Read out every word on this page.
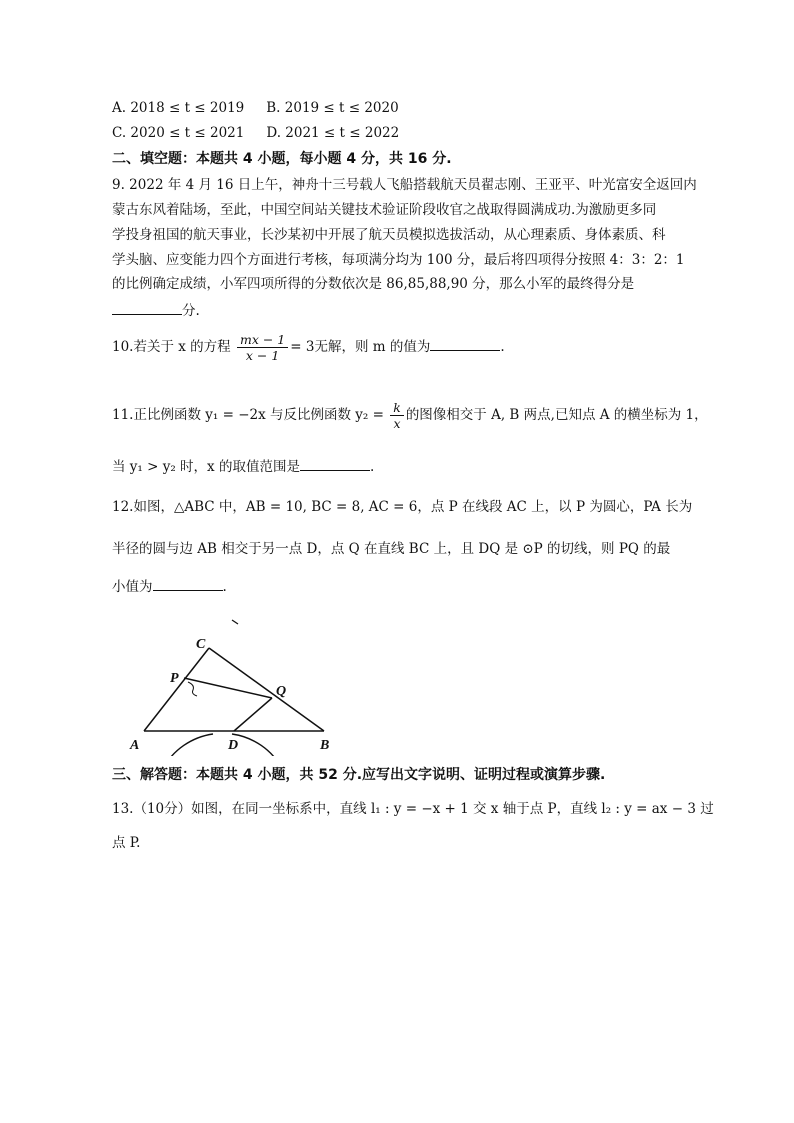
A. 2018 ≤ t ≤ 2019 B. 2019 ≤ t ≤ 2020
C. 2020 ≤ t ≤ 2021 D. 2021 ≤ t ≤ 2022
二、填空题：本题共 4 小题，每小题 4 分，共 16 分.
9. 2022 年 4 月 16 日上午，神舟十三号载人飞船搭载航天员翟志刚、王亚平、叶光富安全返回内
蒙古东风着陆场，至此，中国空间站关键技术验证阶段收官之战取得圆满成功.为激励更多同
学投身祖国的航天事业，长沙某初中开展了航天员模拟选拔活动，从心理素质、身体素质、科
学头脑、应变能力四个方面进行考核，每项满分均为 100 分，最后将四项得分按照 4：3：2：1
的比例确定成绩，小军四项所得的分数依次是 86,85,88,90 分，那么小军的最终得分是
分.
10.若关于 x 的方程 $\frac{mx - 1}{x - 1} = 3$无解，则 m 的值为	.
11.正比例函数 y₁ = −2x 与反比例函数 $y_2 = \frac{k}{x}$ 的图像相交于 A, B 两点,已知点 A 的横坐标为 1，
当 y₁ > y₂ 时，x 的取值范围是	.
12.如图，△ABC 中，AB = 10, BC = 8, AC = 6，点 P 在线段 AC 上，以 P 为圆心，PA 长为
半径的圆与边 AB 相交于另一点 D，点 Q 在直线 BC 上，且 DQ 是 ⊙P 的切线，则 PQ 的最
小值为	.
A	B
C
D
P
Q
三、解答题：本题共 4 小题，共 52 分.应写出文字说明、证明过程或演算步骤.
13.（10分）如图，在同一坐标系中，直线 l₁ : y = −x + 1 交 x 轴于点 P，直线 l₂ : y = ax − 3 过
点 P.
